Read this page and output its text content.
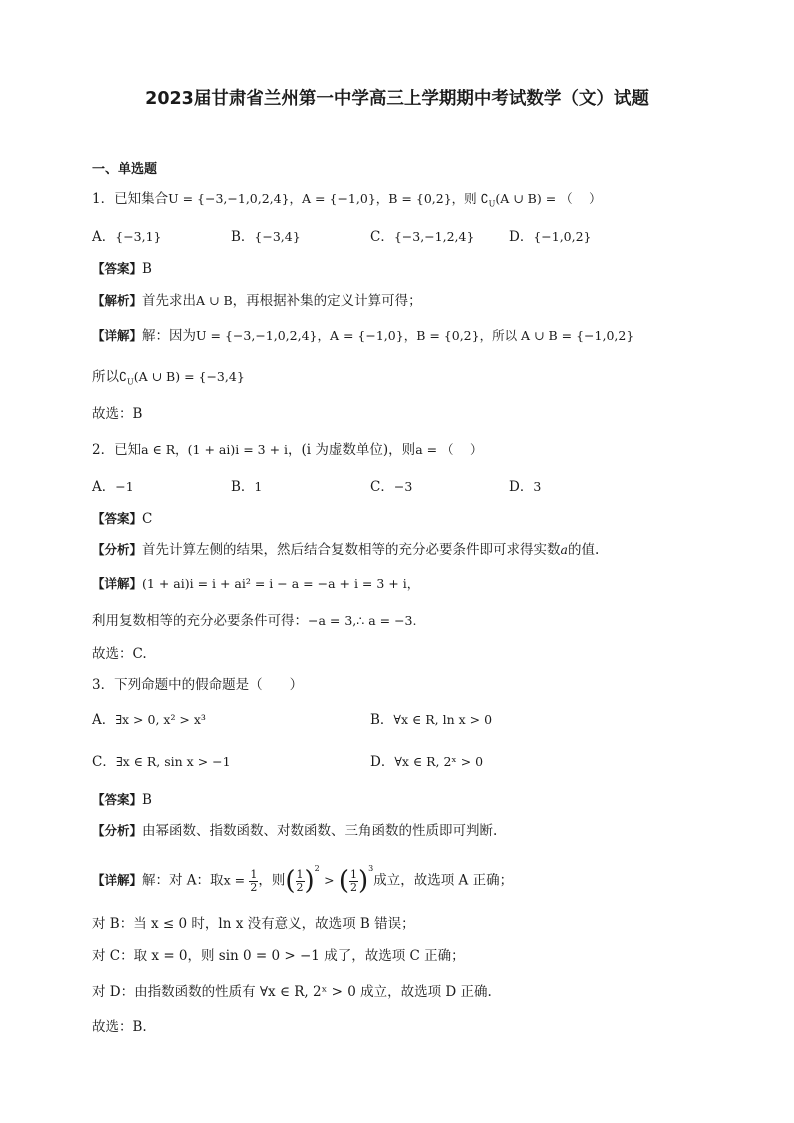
2023届甘肃省兰州第一中学高三上学期期中考试数学（文）试题
一、单选题
1．已知集合U = {−3,−1,0,2,4}，A = {−1,0}，B = {0,2}，则 $∁_U(A$ ∪ B) = （　 ）
A．{−3,1}	B．{−3,4}	C．{−3,−1,2,4}	D．{−1,0,2}
【答案】B
【解析】首先求出A ∪ B，再根据补集的定义计算可得；
【详解】解：因为U = {−3,−1,0,2,4}，A = {−1,0}，B = {0,2}，所以 A ∪ B = {−1,0,2}
所以$∁_U(A$ ∪ B) = {−3,4}
故选：B
2．已知a ∈ R，(1 + ai)i = 3 + i，(i 为虚数单位)，则a = （　 ）
A．−1	B．1	C．−3	D．3
【答案】C
【分析】首先计算左侧的结果，然后结合复数相等的充分必要条件即可求得实数a的值.
【详解】(1 + ai)i = i + ai² = i − a = −a + i = 3 + i，
利用复数相等的充分必要条件可得：−a = 3,∴ a = −3.
故选：C.
3．下列命题中的假命题是（　　）
A．∃x > 0, x² > x³	B．∀x ∈ R, ln x > 0
C．∃x ∈ R, sin x > −1	D．∀x ∈ R, 2ˣ > 0
【答案】B
【分析】由幂函数、指数函数、对数函数、三角函数的性质即可判断.
【详解】解：对 A：取$x = \frac{1}{2}$ ，则( $\frac{1}{2} )^2$ > ( $\frac{1}{2} )^3$成立，故选项 A 正确；
对 B：当 x ≤ 0 时，ln x 没有意义，故选项 B 错误；
对 C：取 x = 0，则 sin 0 = 0 > −1 成了，故选项 C 正确；
对 D：由指数函数的性质有 ∀x ∈ R, 2ˣ > 0 成立，故选项 D 正确.
故选：B.
